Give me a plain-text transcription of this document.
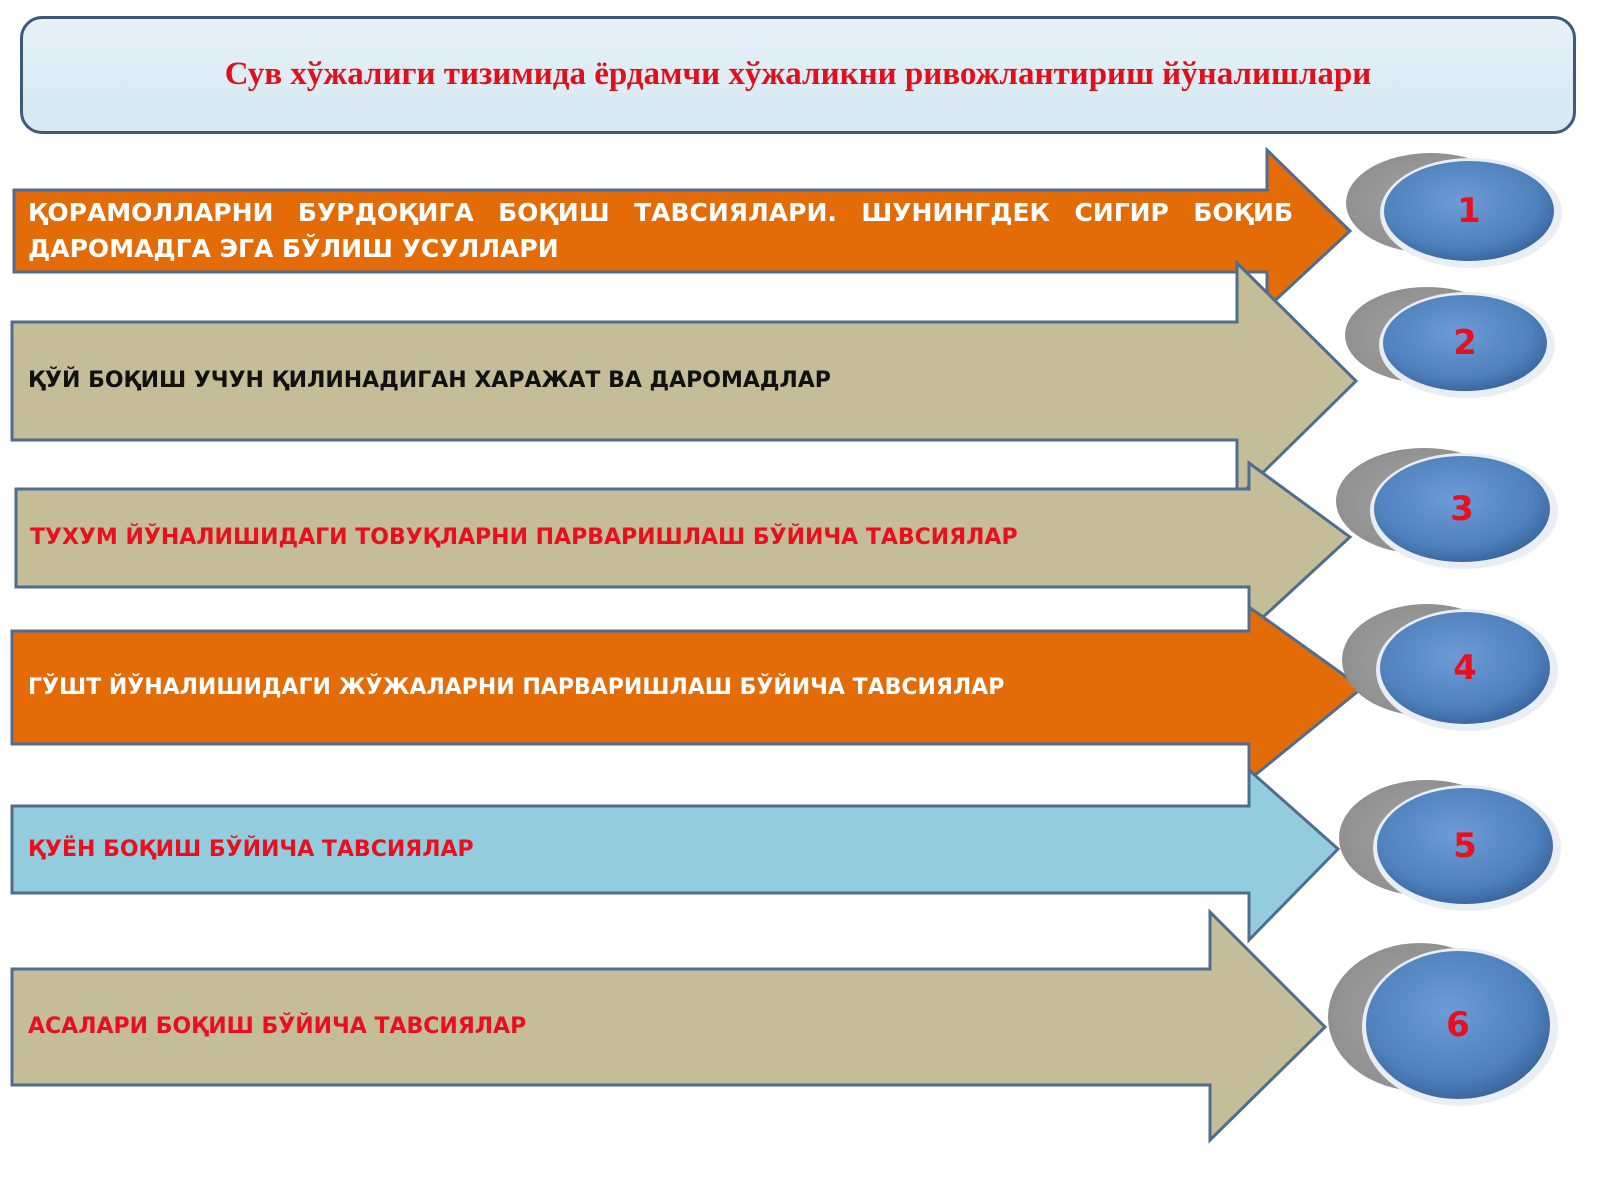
Сув хўжалиги тизимида ёрдамчи хўжаликни ривожлантириш йўналишлари
ҚОРАМОЛЛАРНИ БУРДОҚИГА БОҚИШ ТАВСИЯЛАРИ. ШУНИНГДЕК СИГИР БОҚИБ ДАРОМАДГА ЭГА БЎЛИШ УСУЛЛАРИ
1
ҚЎЙ БОҚИШ УЧУН ҚИЛИНАДИГАН ХАРАЖАТ ВА ДАРОМАДЛАР
2
ТУХУМ ЙЎНАЛИШИДАГИ ТОВУҚЛАРНИ ПАРВАРИШЛАШ БЎЙИЧА ТАВСИЯЛАР
3
ГЎШТ ЙЎНАЛИШИДАГИ ЖЎЖАЛАРНИ ПАРВАРИШЛАШ БЎЙИЧА ТАВСИЯЛАР	4
ҚУЁН БОҚИШ БЎЙИЧА ТАВСИЯЛАР	5
АСАЛАРИ БОҚИШ БЎЙИЧА ТАВСИЯЛАР	6
